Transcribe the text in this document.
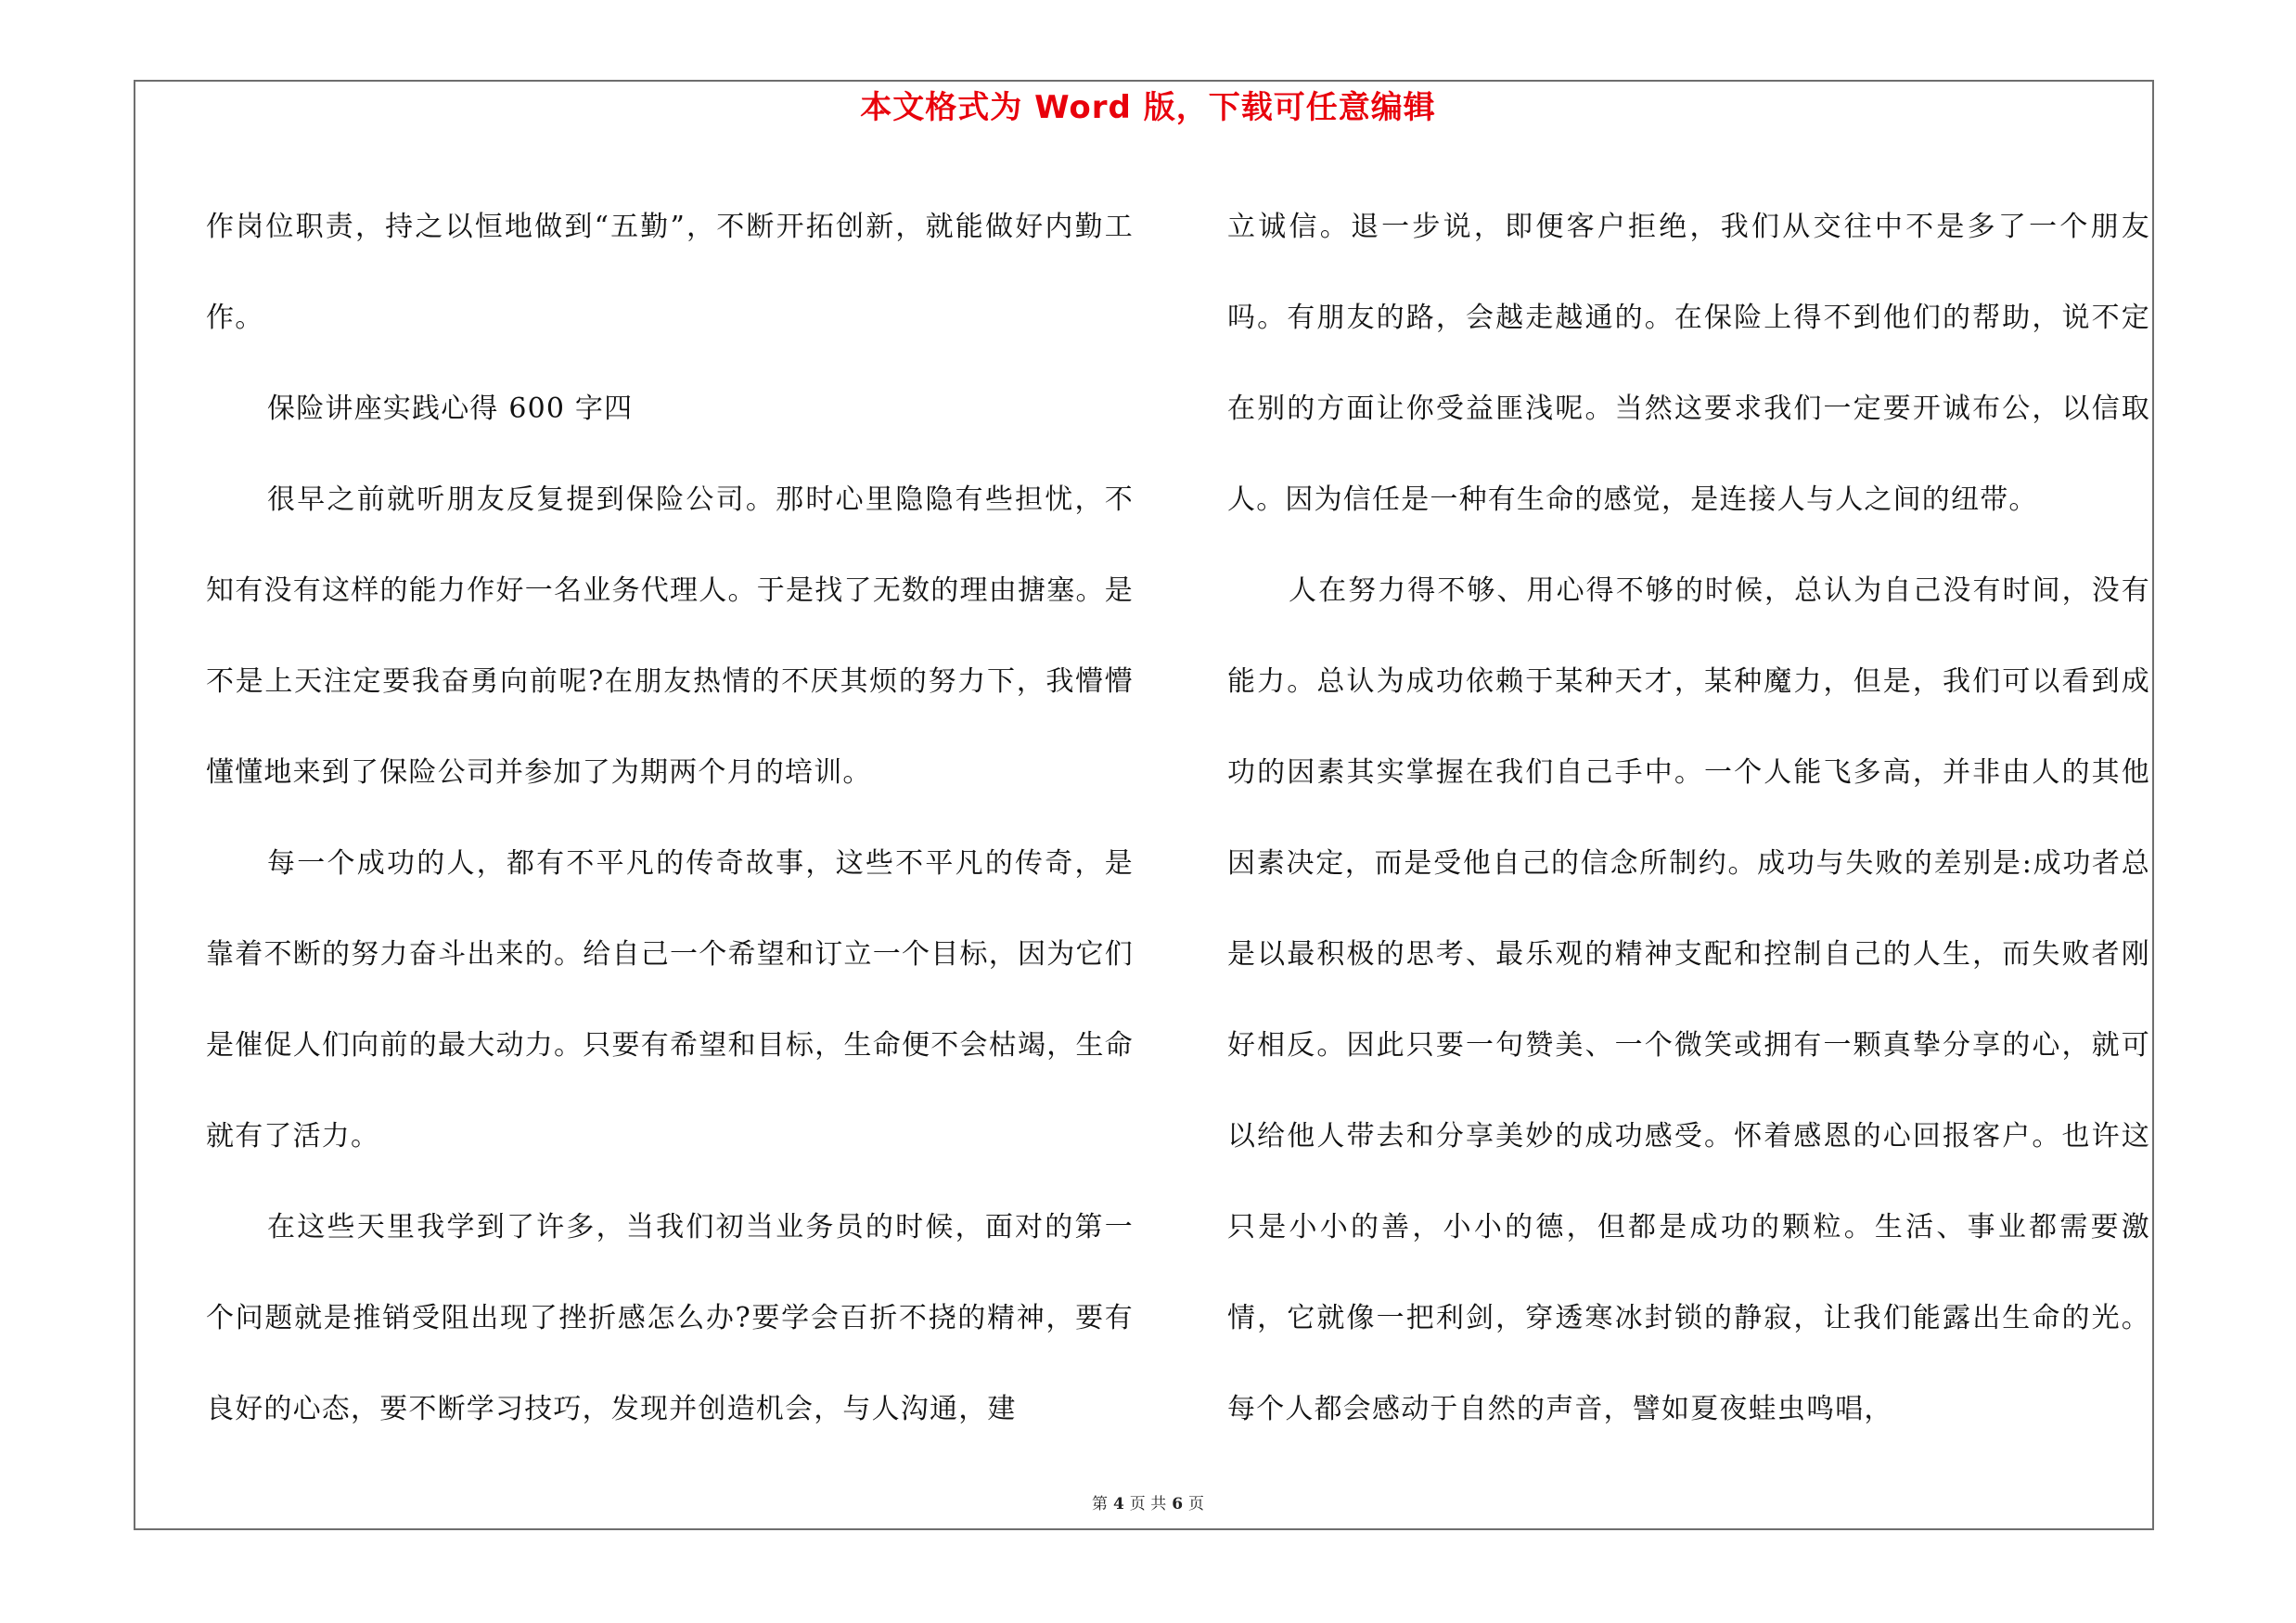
本文格式为 Word 版，下载可任意编辑

作岗位职责，持之以恒地做到“五勤”，不断开拓创新，就能做好内勤工作。

保险讲座实践心得 600 字四

很早之前就听朋友反复提到保险公司。那时心里隐隐有些担忧，不知有没有这样的能力作好一名业务代理人。于是找了无数的理由搪塞。是不是上天注定要我奋勇向前呢?在朋友热情的不厌其烦的努力下，我懵懵懂懂地来到了保险公司并参加了为期两个月的培训。

每一个成功的人，都有不平凡的传奇故事，这些不平凡的传奇，是靠着不断的努力奋斗出来的。给自己一个希望和订立一个目标，因为它们是催促人们向前的最大动力。只要有希望和目标，生命便不会枯竭，生命就有了活力。

在这些天里我学到了许多，当我们初当业务员的时候，面对的第一个问题就是推销受阻出现了挫折感怎么办?要学会百折不挠的精神，要有良好的心态，要不断学习技巧，发现并创造机会，与人沟通，建

立诚信。退一步说，即便客户拒绝，我们从交往中不是多了一个朋友吗。有朋友的路，会越走越通的。在保险上得不到他们的帮助，说不定在别的方面让你受益匪浅呢。当然这要求我们一定要开诚布公，以信取人。因为信任是一种有生命的感觉，是连接人与人之间的纽带。

人在努力得不够、用心得不够的时候，总认为自己没有时间，没有能力。总认为成功依赖于某种天才，某种魔力，但是，我们可以看到成功的因素其实掌握在我们自己手中。一个人能飞多高，并非由人的其他因素决定，而是受他自己的信念所制约。成功与失败的差别是:成功者总是以最积极的思考、最乐观的精神支配和控制自己的人生，而失败者刚好相反。因此只要一句赞美、一个微笑或拥有一颗真挚分享的心，就可以给他人带去和分享美妙的成功感受。怀着感恩的心回报客户。也许这只是小小的善，小小的德，但都是成功的颗粒。生活、事业都需要激情，它就像一把利剑，穿透寒冰封锁的静寂，让我们能露出生命的光。每个人都会感动于自然的声音，譬如夏夜蛙虫鸣唱，

第 4 页 共 6 页
